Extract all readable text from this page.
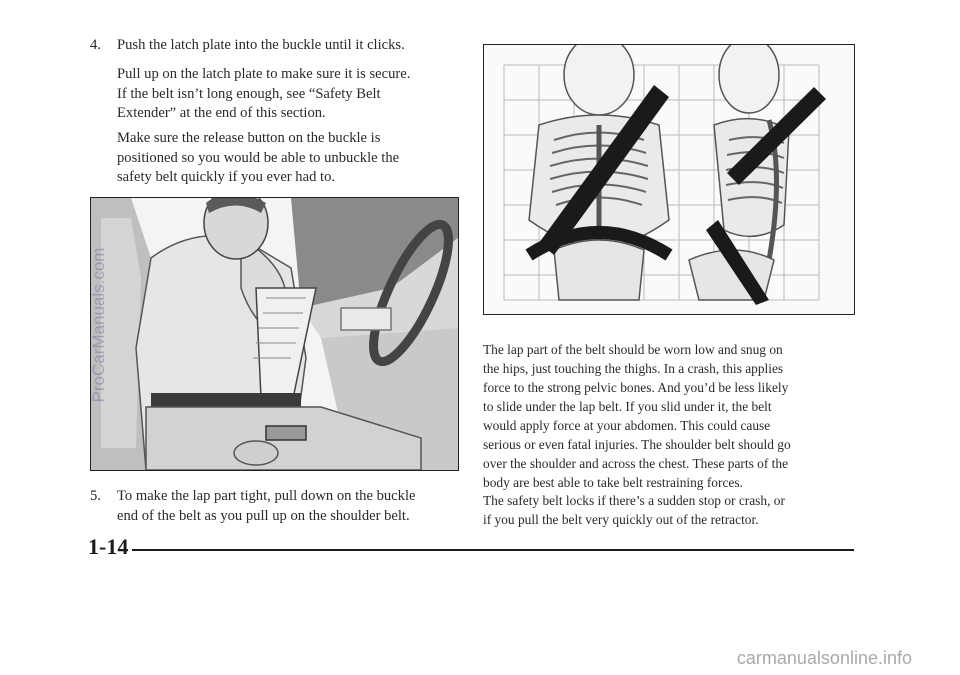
4. Push the latch plate into the buckle until it clicks.
Pull up on the latch plate to make sure it is secure.
If the belt isn’t long enough, see “Safety Belt
Extender” at the end of this section.
Make sure the release button on the buckle is
positioned so you would be able to unbuckle the
safety belt quickly if you ever had to.
5. To make the lap part tight, pull down on the buckle
end of the belt as you pull up on the shoulder belt.
The lap part of the belt should be worn low and snug on
the hips, just touching the thighs. In a crash, this applies
force to the strong pelvic bones. And you’d be less likely
to slide under the lap belt. If you slid under it, the belt
would apply force at your abdomen. This could cause
serious or even fatal injuries. The shoulder belt should go
over the shoulder and across the chest. These parts of the
body are best able to take belt restraining forces.
The safety belt locks if there’s a sudden stop or crash, or
if you pull the belt very quickly out of the retractor.
1-14
ProCarManuals.com
carmanualsonline.info
